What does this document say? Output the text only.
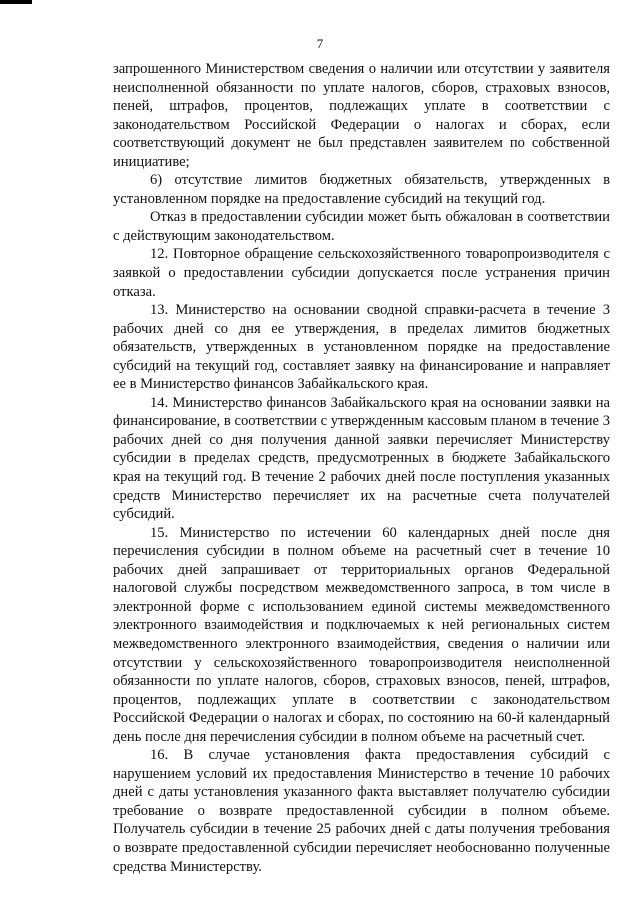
7

запрошенного Министерством сведения о наличии или отсутствии у заявителя неисполненной обязанности по уплате налогов, сборов, страховых взносов, пеней, штрафов, процентов, подлежащих уплате в соответствии с законодательством Российской Федерации о налогах и сборах, если соответствующий документ не был представлен заявителем по собственной инициативе;

6) отсутствие лимитов бюджетных обязательств, утвержденных в установленном порядке на предоставление субсидий на текущий год.

Отказ в предоставлении субсидии может быть обжалован в соответствии с действующим законодательством.

12. Повторное обращение сельскохозяйственного товаропроизводителя с заявкой о предоставлении субсидии допускается после устранения причин отказа.

13. Министерство на основании сводной справки-расчета в течение 3 рабочих дней со дня ее утверждения, в пределах лимитов бюджетных обязательств, утвержденных в установленном порядке на предоставление субсидий на текущий год, составляет заявку на финансирование и направляет ее в Министерство финансов Забайкальского края.

14. Министерство финансов Забайкальского края на основании заявки на финансирование, в соответствии с утвержденным кассовым планом в течение 3 рабочих дней со дня получения данной заявки перечисляет Министерству субсидии в пределах средств, предусмотренных в бюджете Забайкальского края на текущий год. В течение 2 рабочих дней после поступления указанных средств Министерство перечисляет их на расчетные счета получателей субсидий.

15. Министерство по истечении 60 календарных дней после дня перечисления субсидии в полном объеме на расчетный счет в течение 10 рабочих дней запрашивает от территориальных органов Федеральной налоговой службы посредством межведомственного запроса, в том числе в электронной форме с использованием единой системы межведомственного электронного взаимодействия и подключаемых к ней региональных систем межведомственного электронного взаимодействия, сведения о наличии или отсутствии у сельскохозяйственного товаропроизводителя неисполненной обязанности по уплате налогов, сборов, страховых взносов, пеней, штрафов, процентов, подлежащих уплате в соответствии с законодательством Российской Федерации о налогах и сборах, по состоянию на 60-й календарный день после дня перечисления субсидии в полном объеме на расчетный счет.

16. В случае установления факта предоставления субсидий с нарушением условий их предоставления Министерство в течение 10 рабочих дней с даты установления указанного факта выставляет получателю субсидии требование о возврате предоставленной субсидии в полном объеме. Получатель субсидии в течение 25 рабочих дней с даты получения требования о возврате предоставленной субсидии перечисляет необоснованно полученные средства Министерству.
